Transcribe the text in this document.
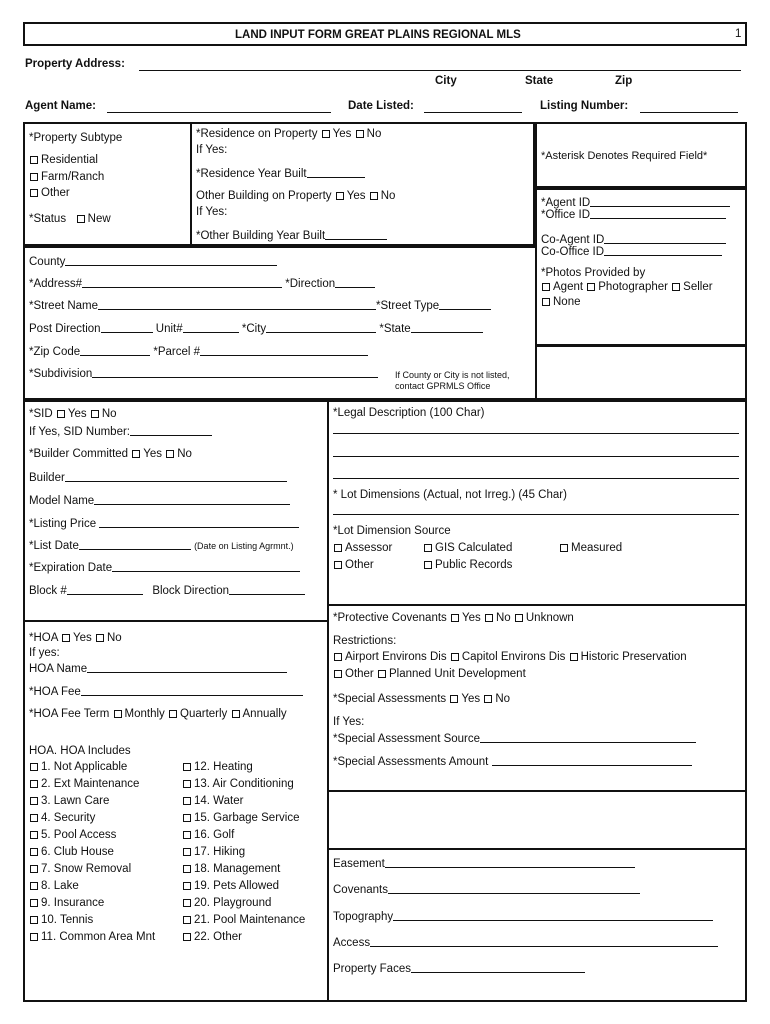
LAND INPUT FORM GREAT PLAINS REGIONAL MLS	1
Property Address:
City	State	Zip
Agent Name:	Date Listed:	Listing Number:
*Property Subtype
Residential
Farm/Ranch
Other
*Status New
*Residence on Property Yes No
If Yes:
*Residence Year Built
Other Building on Property Yes No
If Yes:
*Other Building Year Built
*Asterisk Denotes Required Field*
*Agent ID
*Office ID
Co-Agent ID
Co-Office ID
*Photos Provided by
Agent Photographer Seller
None
County
*Address#	*Direction
*Street Name	*Street Type
Post Direction	Unit#	*City	*State
*Zip Code	*Parcel #
*Subdivision	If County or City is not listed,
contact GPRMLS Office
*SID Yes No
If Yes, SID Number:
*Builder Committed Yes No
Builder
Model Name
*Listing Price
*List Date	(Date on Listing Agrmnt.)
*Expiration Date
Block #	Block Direction
*Legal Description (100 Char)
* Lot Dimensions (Actual, not Irreg.) (45 Char)
*Lot Dimension Source
Assessor	GIS Calculated	Measured
Other	Public Records
*HOA Yes No
If yes:
HOA Name
*HOA Fee
*HOA Fee Term Monthly Quarterly Annually
HOA. HOA Includes
1. Not Applicable
2. Ext Maintenance
3. Lawn Care
4. Security
5. Pool Access
6. Club House
7. Snow Removal
8. Lake
9. Insurance
10. Tennis
11. Common Area Mnt
12. Heating
13. Air Conditioning
14. Water
15. Garbage Service
16. Golf
17. Hiking
18. Management
19. Pets Allowed
20. Playground
21. Pool Maintenance
22. Other
*Protective Covenants Yes No Unknown
Restrictions:
Airport Environs Dis Capitol Environs Dis Historic Preservation
Other Planned Unit Development
*Special Assessments Yes No
If Yes:
*Special Assessment Source
*Special Assessments Amount
Easement
Covenants
Topography
Access
Property Faces
